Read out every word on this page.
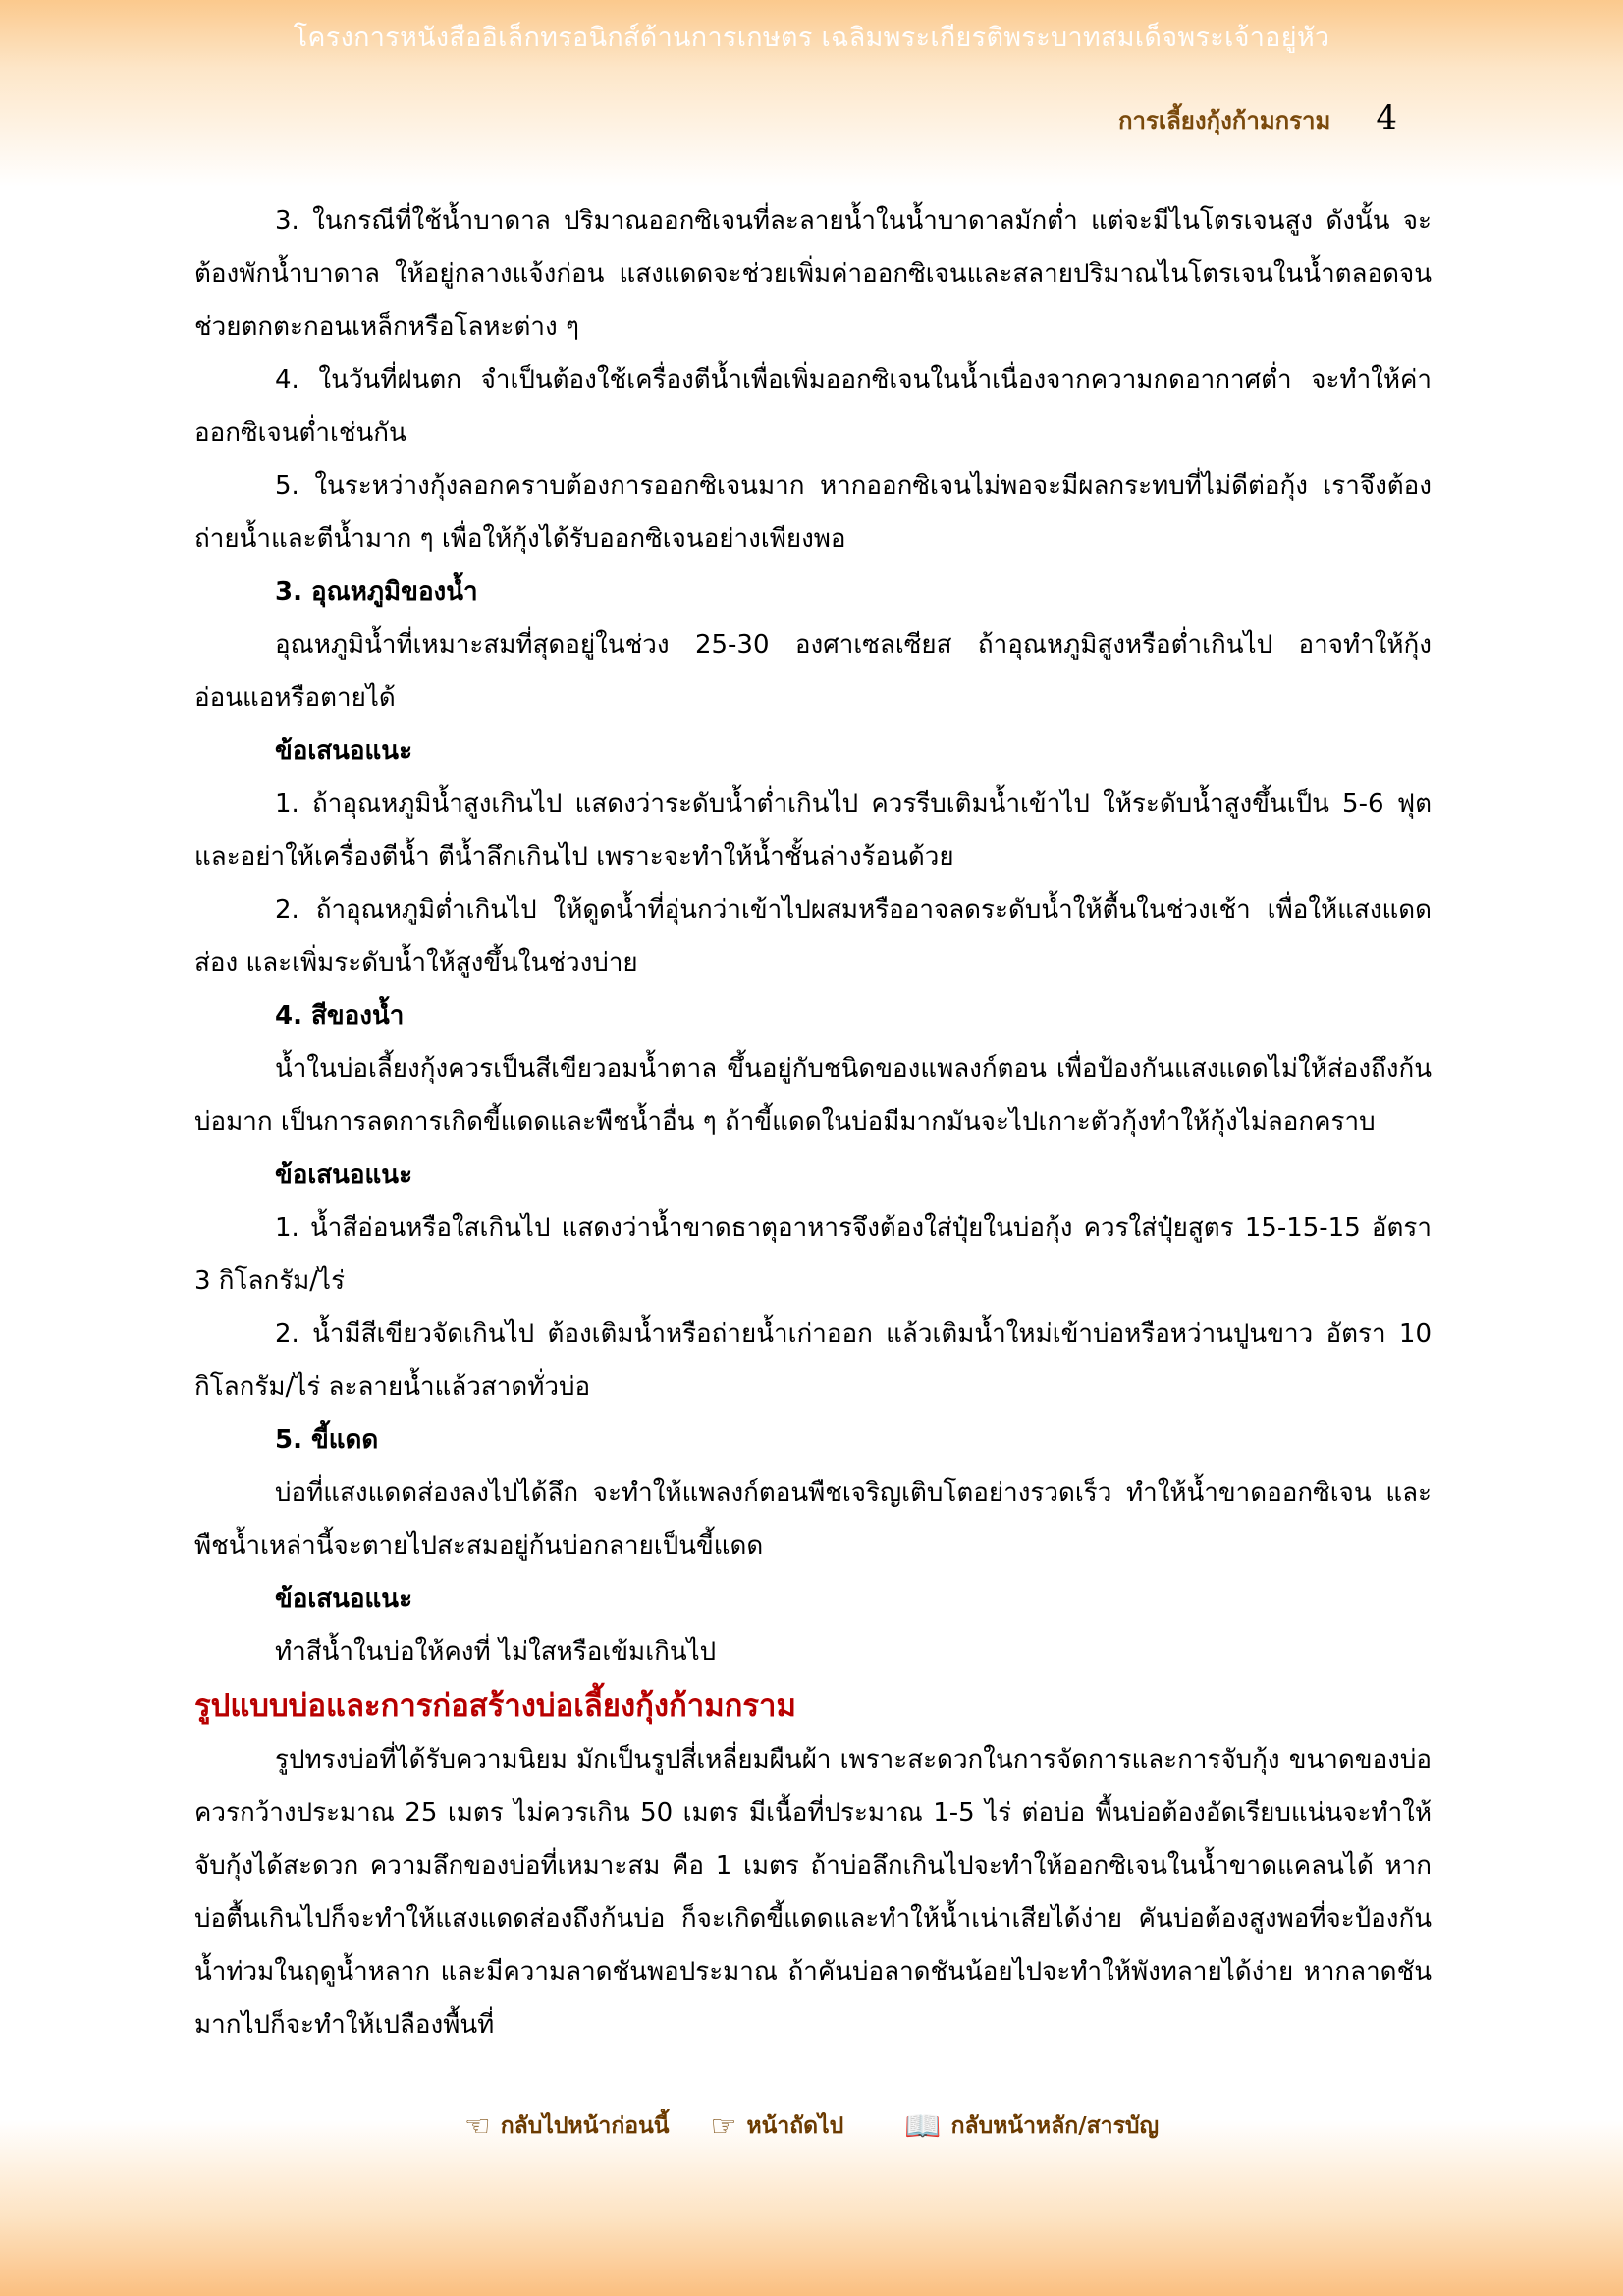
โครงการหนังสืออิเล็กทรอนิกส์ด้านการเกษตร เฉลิมพระเกียรติพระบาทสมเด็จพระเจ้าอยู่หัว
การเลี้ยงกุ้งก้ามกราม 4

3. ในกรณีที่ใช้น้ำบาดาล ปริมาณออกซิเจนที่ละลายน้ำในน้ำบาดาลมักต่ำ แต่จะมีไนโตรเจนสูง ดังนั้น จะต้องพักน้ำบาดาล ให้อยู่กลางแจ้งก่อน แสงแดดจะช่วยเพิ่มค่าออกซิเจนและสลายปริมาณไนโตรเจนในน้ำตลอดจนช่วยตกตะกอนเหล็กหรือโลหะต่าง ๆ

4. ในวันที่ฝนตก จำเป็นต้องใช้เครื่องตีน้ำเพื่อเพิ่มออกซิเจนในน้ำเนื่องจากความกดอากาศต่ำ จะทำให้ค่าออกซิเจนต่ำเช่นกัน

5. ในระหว่างกุ้งลอกคราบต้องการออกซิเจนมาก หากออกซิเจนไม่พอจะมีผลกระทบที่ไม่ดีต่อกุ้ง เราจึงต้องถ่ายน้ำและตีน้ำมาก ๆ เพื่อให้กุ้งได้รับออกซิเจนอย่างเพียงพอ

3. อุณหภูมิของน้ำ

อุณหภูมิน้ำที่เหมาะสมที่สุดอยู่ในช่วง 25-30 องศาเซลเซียส ถ้าอุณหภูมิสูงหรือต่ำเกินไป อาจทำให้กุ้งอ่อนแอหรือตายได้

ข้อเสนอแนะ

1. ถ้าอุณหภูมิน้ำสูงเกินไป แสดงว่าระดับน้ำต่ำเกินไป ควรรีบเติมน้ำเข้าไป ให้ระดับน้ำสูงขึ้นเป็น 5-6 ฟุต และอย่าให้เครื่องตีน้ำ ตีน้ำลึกเกินไป เพราะจะทำให้น้ำชั้นล่างร้อนด้วย

2. ถ้าอุณหภูมิต่ำเกินไป ให้ดูดน้ำที่อุ่นกว่าเข้าไปผสมหรืออาจลดระดับน้ำให้ตื้นในช่วงเช้า เพื่อให้แสงแดดส่อง และเพิ่มระดับน้ำให้สูงขึ้นในช่วงบ่าย

4. สีของน้ำ

น้ำในบ่อเลี้ยงกุ้งควรเป็นสีเขียวอมน้ำตาล ขึ้นอยู่กับชนิดของแพลงก์ตอน เพื่อป้องกันแสงแดดไม่ให้ส่องถึงก้นบ่อมาก เป็นการลดการเกิดขี้แดดและพืชน้ำอื่น ๆ ถ้าขี้แดดในบ่อมีมากมันจะไปเกาะตัวกุ้งทำให้กุ้งไม่ลอกคราบ

ข้อเสนอแนะ

1. น้ำสีอ่อนหรือใสเกินไป แสดงว่าน้ำขาดธาตุอาหารจึงต้องใส่ปุ๋ยในบ่อกุ้ง ควรใส่ปุ๋ยสูตร 15-15-15 อัตรา 3 กิโลกรัม/ไร่

2. น้ำมีสีเขียวจัดเกินไป ต้องเติมน้ำหรือถ่ายน้ำเก่าออก แล้วเติมน้ำใหม่เข้าบ่อหรือหว่านปูนขาว อัตรา 10 กิโลกรัม/ไร่ ละลายน้ำแล้วสาดทั่วบ่อ

5. ขี้แดด

บ่อที่แสงแดดส่องลงไปได้ลึก จะทำให้แพลงก์ตอนพืชเจริญเติบโตอย่างรวดเร็ว ทำให้น้ำขาดออกซิเจน และพืชน้ำเหล่านี้จะตายไปสะสมอยู่ก้นบ่อกลายเป็นขี้แดด

ข้อเสนอแนะ

ทำสีน้ำในบ่อให้คงที่ ไม่ใสหรือเข้มเกินไป

รูปแบบบ่อและการก่อสร้างบ่อเลี้ยงกุ้งก้ามกราม

รูปทรงบ่อที่ได้รับความนิยม มักเป็นรูปสี่เหลี่ยมผืนผ้า เพราะสะดวกในการจัดการและการจับกุ้ง ขนาดของบ่อ ควรกว้างประมาณ 25 เมตร ไม่ควรเกิน 50 เมตร มีเนื้อที่ประมาณ 1-5 ไร่ ต่อบ่อ พื้นบ่อต้องอัดเรียบแน่นจะทำให้จับกุ้งได้สะดวก ความลึกของบ่อที่เหมาะสม คือ 1 เมตร ถ้าบ่อลึกเกินไปจะทำให้ออกซิเจนในน้ำขาดแคลนได้ หากบ่อตื้นเกินไปก็จะทำให้แสงแดดส่องถึงก้นบ่อ ก็จะเกิดขี้แดดและทำให้น้ำเน่าเสียได้ง่าย คันบ่อต้องสูงพอที่จะป้องกันน้ำท่วมในฤดูน้ำหลาก และมีความลาดชันพอประมาณ ถ้าคันบ่อลาดชันน้อยไปจะทำให้พังทลายได้ง่าย หากลาดชันมากไปก็จะทำให้เปลืองพื้นที่

☜ กลับไปหน้าก่อนนี้ ☞ หน้าถัดไป 📖 กลับหน้าหลัก/สารบัญ
